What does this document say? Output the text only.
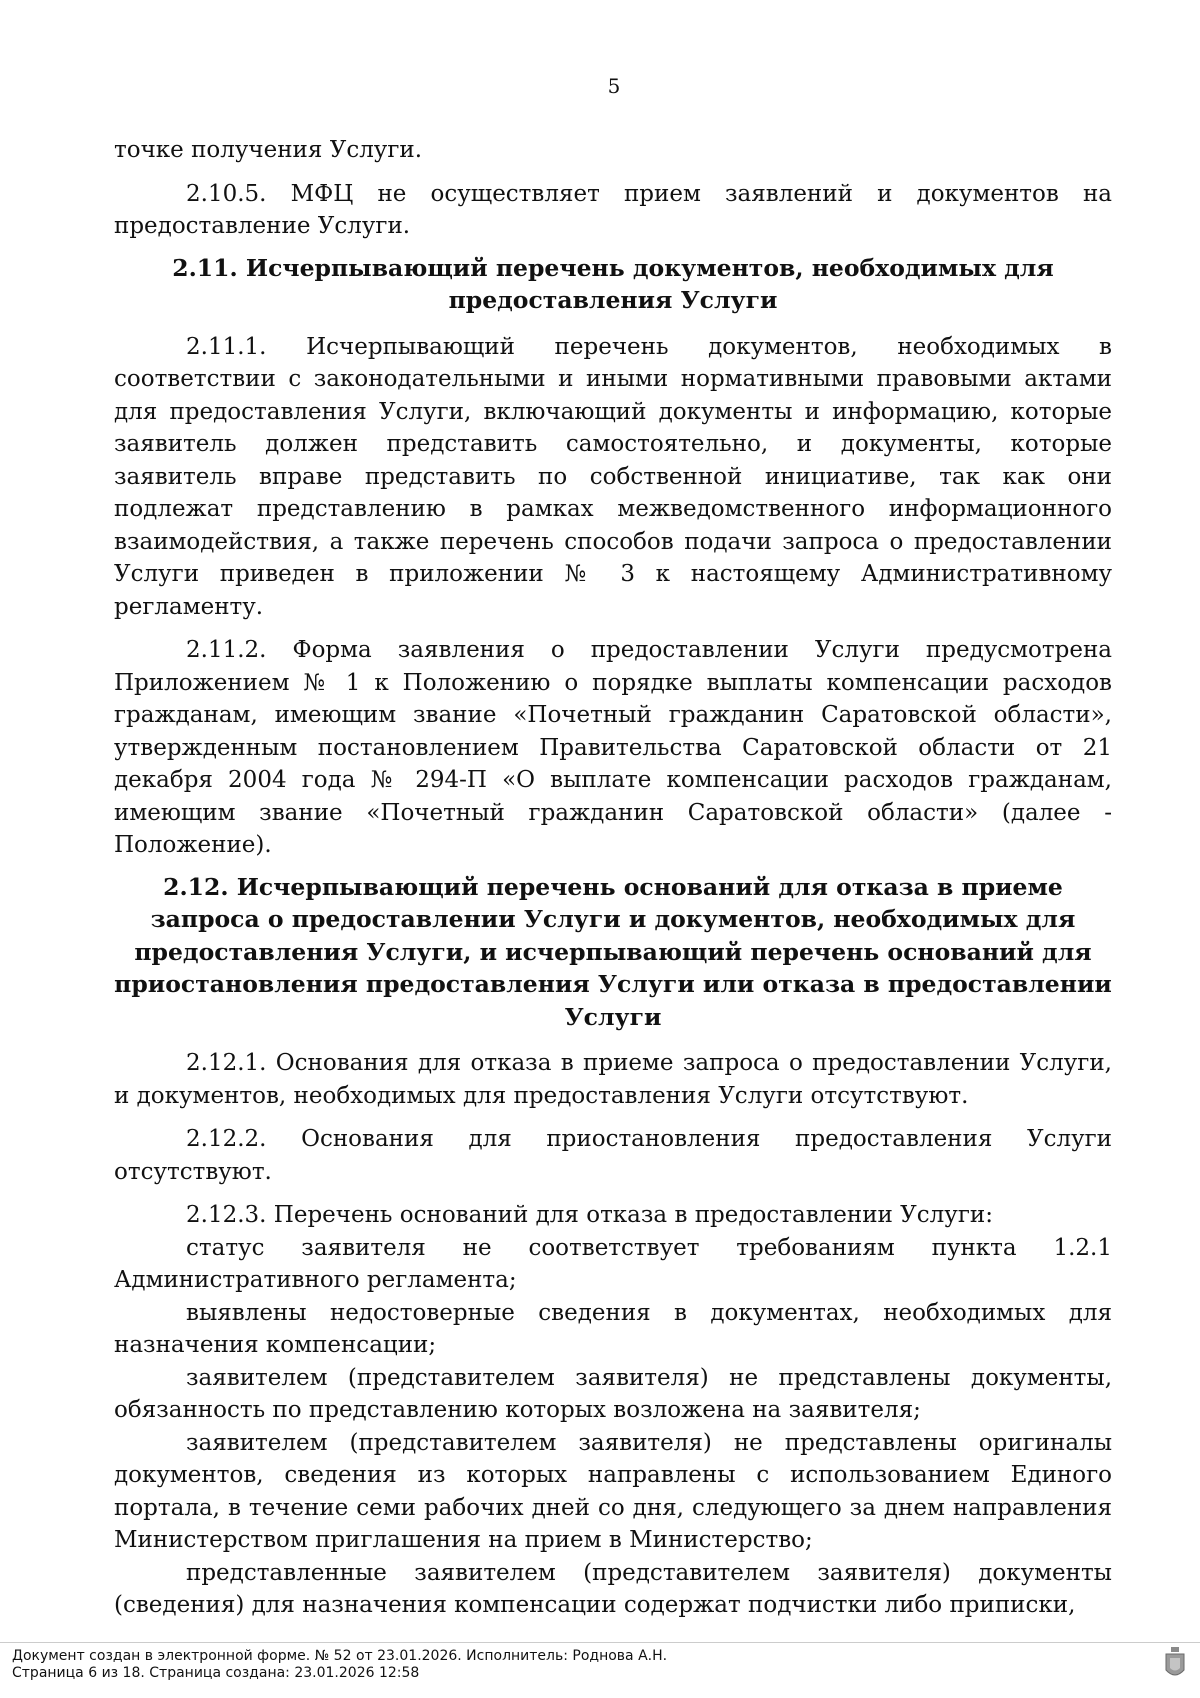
5

точке получения Услуги.

2.10.5. МФЦ не осуществляет прием заявлений и документов на предоставление Услуги.

2.11. Исчерпывающий перечень документов, необходимых для предоставления Услуги

2.11.1. Исчерпывающий перечень документов, необходимых в соответствии с законодательными и иными нормативными правовыми актами для предоставления Услуги, включающий документы и информацию, которые заявитель должен представить самостоятельно, и документы, которые заявитель вправе представить по собственной инициативе, так как они подлежат представлению в рамках межведомственного информационного взаимодействия, а также перечень способов подачи запроса о предоставлении Услуги приведен в приложении № 3 к настоящему Административному регламенту.

2.11.2. Форма заявления о предоставлении Услуги предусмотрена Приложением № 1 к Положению о порядке выплаты компенсации расходов гражданам, имеющим звание «Почетный гражданин Саратовской области», утвержденным постановлением Правительства Саратовской области от 21 декабря 2004 года № 294-П «О выплате компенсации расходов гражданам, имеющим звание «Почетный гражданин Саратовской области» (далее - Положение).

2.12. Исчерпывающий перечень оснований для отказа в приеме запроса о предоставлении Услуги и документов, необходимых для предоставления Услуги, и исчерпывающий перечень оснований для приостановления предоставления Услуги или отказа в предоставлении Услуги

2.12.1. Основания для отказа в приеме запроса о предоставлении Услуги, и документов, необходимых для предоставления Услуги отсутствуют.

2.12.2. Основания для приостановления предоставления Услуги отсутствуют.

2.12.3. Перечень оснований для отказа в предоставлении Услуги:

статус заявителя не соответствует требованиям пункта 1.2.1 Административного регламента;

выявлены недостоверные сведения в документах, необходимых для назначения компенсации;

заявителем (представителем заявителя) не представлены документы, обязанность по представлению которых возложена на заявителя;

заявителем (представителем заявителя) не представлены оригиналы документов, сведения из которых направлены с использованием Единого портала, в течение семи рабочих дней со дня, следующего за днем направления Министерством приглашения на прием в Министерство;

представленные заявителем (представителем заявителя) документы (сведения) для назначения компенсации содержат подчистки либо приписки,

Документ создан в электронной форме. № 52 от 23.01.2026. Исполнитель: Роднова А.Н.
Страница 6 из 18. Страница создана: 23.01.2026 12:58
